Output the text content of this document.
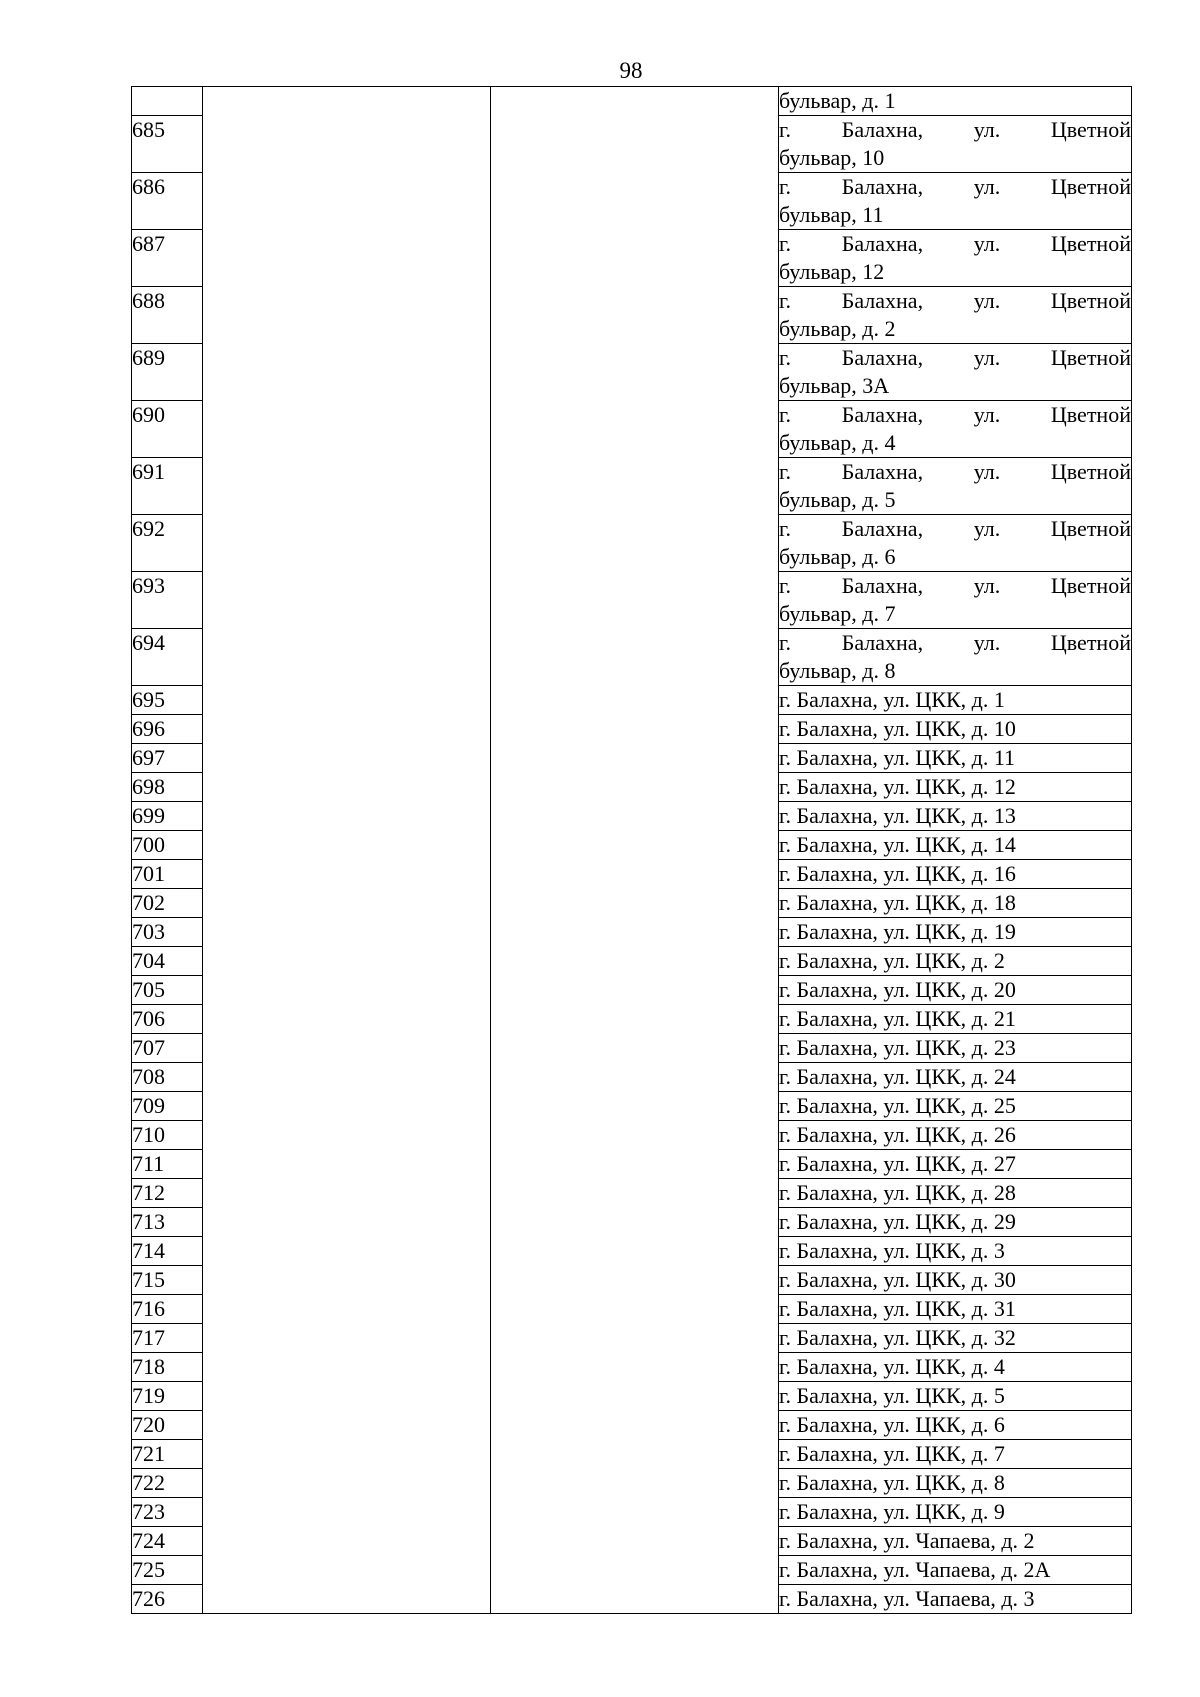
98
			бульвар, д. 1
685			г. Балахна, ул. Цветной
бульвар, 10

686			г. Балахна, ул. Цветной
бульвар, 11

687			г. Балахна, ул. Цветной
бульвар, 12

688			г. Балахна, ул. Цветной
бульвар, д. 2

689			г. Балахна, ул. Цветной
бульвар, 3А

690			г. Балахна, ул. Цветной
бульвар, д. 4

691			г. Балахна, ул. Цветной
бульвар, д. 5

692			г. Балахна, ул. Цветной
бульвар, д. 6

693			г. Балахна, ул. Цветной
бульвар, д. 7

694			г. Балахна, ул. Цветной
бульвар, д. 8

695			г. Балахна, ул. ЦКК, д. 1
696			г. Балахна, ул. ЦКК, д. 10
697			г. Балахна, ул. ЦКК, д. 11
698			г. Балахна, ул. ЦКК, д. 12
699			г. Балахна, ул. ЦКК, д. 13
700			г. Балахна, ул. ЦКК, д. 14
701			г. Балахна, ул. ЦКК, д. 16
702			г. Балахна, ул. ЦКК, д. 18
703			г. Балахна, ул. ЦКК, д. 19
704			г. Балахна, ул. ЦКК, д. 2
705			г. Балахна, ул. ЦКК, д. 20
706			г. Балахна, ул. ЦКК, д. 21
707			г. Балахна, ул. ЦКК, д. 23
708			г. Балахна, ул. ЦКК, д. 24
709			г. Балахна, ул. ЦКК, д. 25
710			г. Балахна, ул. ЦКК, д. 26
711			г. Балахна, ул. ЦКК, д. 27
712			г. Балахна, ул. ЦКК, д. 28
713			г. Балахна, ул. ЦКК, д. 29
714			г. Балахна, ул. ЦКК, д. 3
715			г. Балахна, ул. ЦКК, д. 30
716			г. Балахна, ул. ЦКК, д. 31
717			г. Балахна, ул. ЦКК, д. 32
718			г. Балахна, ул. ЦКК, д. 4
719			г. Балахна, ул. ЦКК, д. 5
720			г. Балахна, ул. ЦКК, д. 6
721			г. Балахна, ул. ЦКК, д. 7
722			г. Балахна, ул. ЦКК, д. 8
723			г. Балахна, ул. ЦКК, д. 9
724			г. Балахна, ул. Чапаева, д. 2
725			г. Балахна, ул. Чапаева, д. 2А
726			г. Балахна, ул. Чапаева, д. 3
